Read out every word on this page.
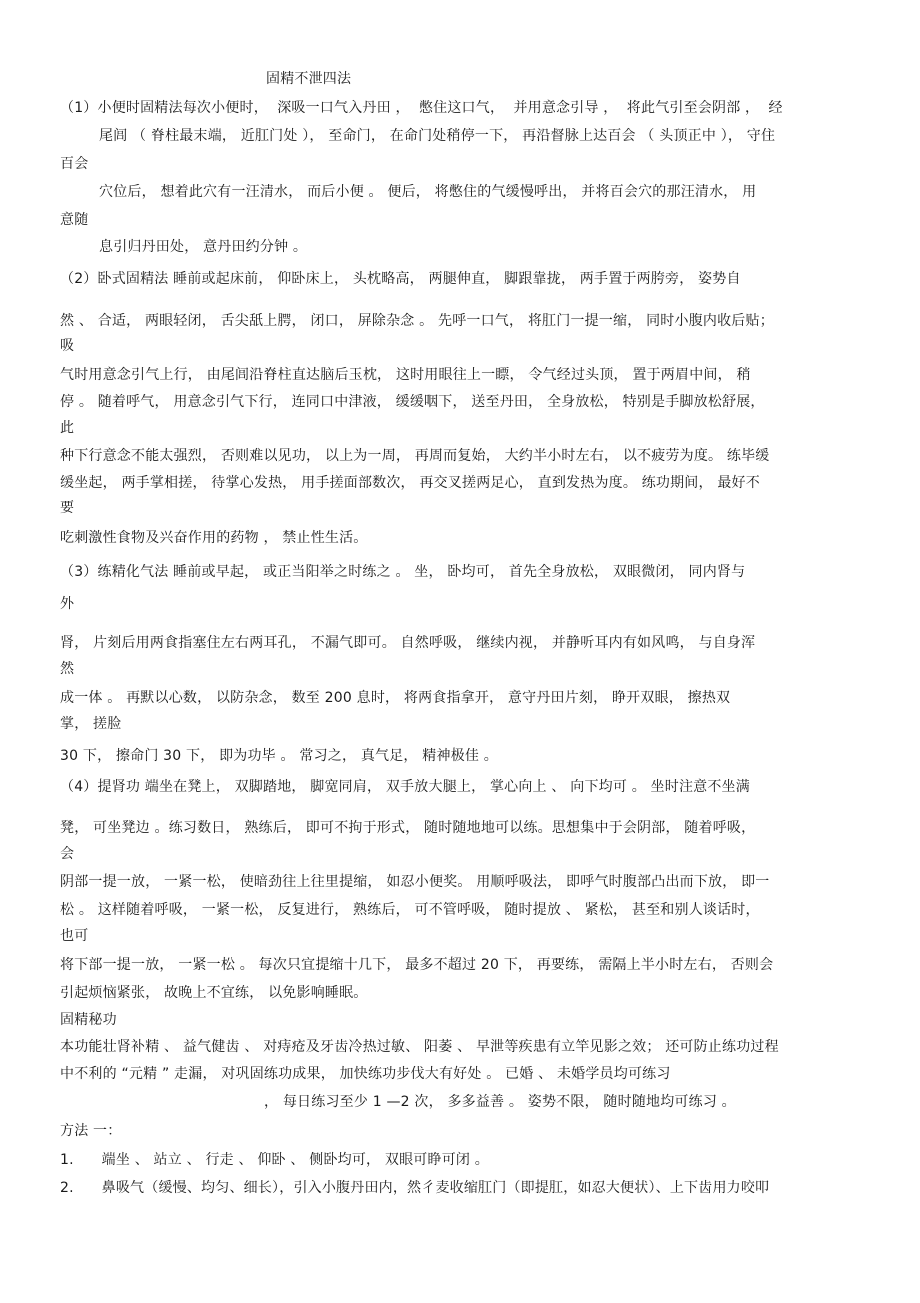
固精不泄四法
（1）小便时固精法每次小便时，  深吸一口气入丹田 ，  憋住这口气，  并用意念引导 ，  将此气引至会阴部 ，  经
尾闾 （ 脊柱最末端， 近肛门处 ）， 至命门， 在命门处稍停一下， 再沿督脉上达百会 （ 头顶正中 ）， 守住
百会
穴位后， 想着此穴有一汪清水， 而后小便 。 便后， 将憋住的气缓慢呼出， 并将百会穴的那汪清水， 用
意随
息引归丹田处， 意丹田约分钟 。
（2）卧式固精法 睡前或起床前， 仰卧床上， 头枕略高， 两腿伸直， 脚跟靠拢， 两手置于两胯旁， 姿势自
然 、 合适， 两眼轻闭， 舌尖舐上腭， 闭口， 屏除杂念 。 先呼一口气， 将肛门一提一缩， 同时小腹内收后贴；
吸
气时用意念引气上行， 由尾闾沿脊柱直达脑后玉枕， 这时用眼往上一瞟， 令气经过头顶， 置于两眉中间， 稍
停 。 随着呼气， 用意念引气下行， 连同口中津液， 缓缓咽下， 送至丹田， 全身放松， 特别是手脚放松舒展，
此
种下行意念不能太强烈， 否则难以见功， 以上为一周， 再周而复始， 大约半小时左右， 以不疲劳为度。 练毕缓
缓坐起， 两手掌相搓， 待掌心发热， 用手搓面部数次， 再交叉搓两足心， 直到发热为度。 练功期间， 最好不
要
吃刺激性食物及兴奋作用的药物 ， 禁止性生活。
（3）练精化气法 睡前或早起， 或正当阳举之时练之 。 坐， 卧均可， 首先全身放松， 双眼微闭， 同内肾与
外
肾， 片刻后用两食指塞住左右两耳孔， 不漏气即可。 自然呼吸， 继续内视， 并静听耳内有如风鸣， 与自身浑
然
成一体 。 再默以心数， 以防杂念， 数至 200 息时， 将两食指拿开， 意守丹田片刻， 睁开双眼， 擦热双
掌， 搓脸
30 下， 擦命门 30 下， 即为功毕 。 常习之， 真气足， 精神极佳 。
（4）提肾功 端坐在凳上， 双脚踏地， 脚宽同肩， 双手放大腿上， 掌心向上 、 向下均可 。 坐时注意不坐满
凳， 可坐凳边 。练习数日， 熟练后， 即可不拘于形式， 随时随地地可以练。思想集中于会阴部， 随着呼吸，
会
阴部一提一放， 一紧一松， 使暗劲往上往里提缩， 如忍小便奖。 用顺呼吸法， 即呼气时腹部凸出而下放， 即一
松 。 这样随着呼吸， 一紧一松， 反复进行， 熟练后， 可不管呼吸， 随时提放 、 紧松， 甚至和别人谈话时，
也可
将下部一提一放， 一紧一松 。 每次只宜提缩十几下， 最多不超过 20 下， 再要练， 需隔上半小时左右， 否则会
引起烦恼紧张， 故晚上不宜练， 以免影响睡眠。
固精秘功
本功能壮肾补精 、 益气健齿 、 对痔疮及牙齿冷热过敏、 阳萎 、 早泄等疾患有立竿见影之效； 还可防止练功过程
中不利的 “元精 ” 走漏， 对巩固练功成果， 加快练功步伐大有好处 。 已婚 、 未婚学员均可练习
， 每日练习至少 1 —2 次， 多多益善 。 姿势不限， 随时随地均可练习 。
方法 一：
1.      端坐 、 站立 、 行走 、 仰卧 、 侧卧均可， 双眼可睁可闭 。
2.      鼻吸气（缓慢、均匀、细长），引入小腹丹田内，然彳麦收缩肛门（即提肛，如忍大便状）、上下齿用力咬叩
